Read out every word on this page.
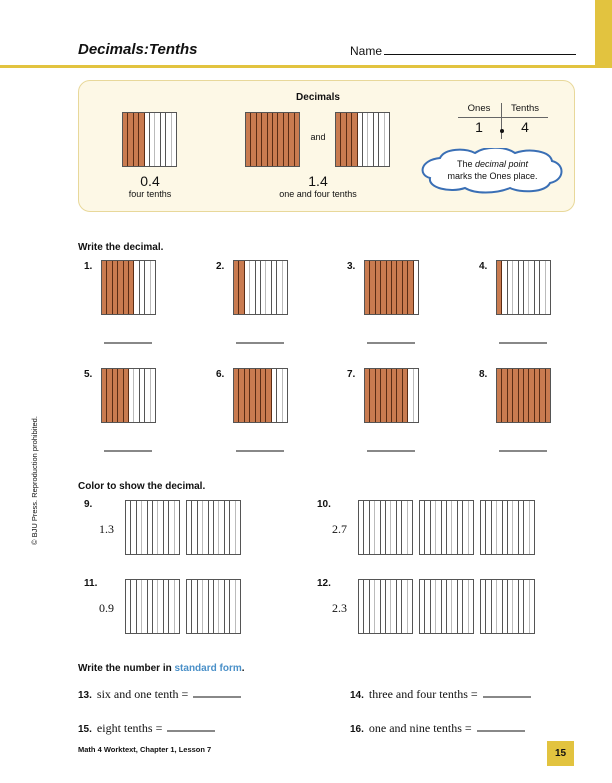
Decimals:Tenths	Name
Decimals
0.4
four tenths
and
1.4
one and four tenths
Ones	Tenths
1	4
The decimal point
marks the Ones place.
Write the decimal.
1.	2.	3.	4.
5.	6.	7.	8.
© BJU Press. Reproduction prohibited.	Color to show the decimal.
9.
1.3
10.
2.7
11.
0.9
12.
2.3
Write the number in standard form.
13. six and one tenth =	14. three and four tenths =
15. eight tenths =	16. one and nine tenths =
Math 4 Worktext, Chapter 1, Lesson 7	15
